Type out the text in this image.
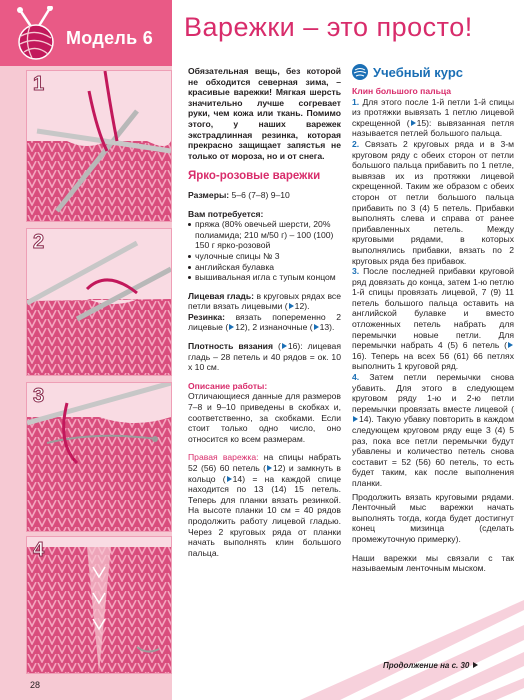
Модель 6
1
2
3
4
28
Варежки – это просто!

Обязательная вещь, без которой не обходится северная зима, – красивые варежки! Мягкая шерсть значительно лучше согревает руки, чем кожа или ткань. Помимо этого, у наших варежек экстрадлинная резинка, которая прекрасно защищает запястья не только от мороза, но и от снега.

Ярко-розовые варежки

Размеры: 5–6 (7–8) 9–10

Вам потребуется:

пряжа (80% овечьей шерсти, 20% полиамида; 210 м/50 г) – 100 (100) 150 г ярко-розовой
чулочные спицы № 3
английская булавка
вышивальная игла с тупым концом

Лицевая гладь: в круговых рядах все петли вязать лицевыми ( 12).

Резинка: вязать попеременно 2 лицевые ( 12), 2 изнаночные ( 13).

Плотность вязания ( 16): лицевая гладь – 28 петель и 40 рядов = ок. 10 x 10 см.

Описание работы:

Отличающиеся данные для размеров 7–8 и 9–10 приведены в скобках и, соответственно, за скобками. Если стоит только одно число, оно относится ко всем размерам.

Правая варежка: на спицы набрать 52 (56) 60 петель ( 12) и замкнуть в кольцо ( 14) = на каждой спице находится по 13 (14) 15 петель. Теперь для планки вязать резинкой. На высоте планки 10 см = 40 рядов продолжить работу лицевой гладью. Через 2 круговых ряда от планки начать выполнять клин большого пальца.

Учебный курс

Клин большого пальца

1. Для этого после 1-й петли 1-й спицы из протяжки вывязать 1 петлю лицевой скрещенной ( 15): вывязанная петля называется петлей большого пальца.

2. Связать 2 круговых ряда и в 3-м круговом ряду с обеих сторон от петли большого пальца прибавить по 1 петле, вывязав их из протяжки лицевой скрещенной. Таким же образом с обеих сторон от петли большого пальца прибавить по 3 (4) 5 петель. Прибавки выполнять слева и справа от ранее прибавленных петель. Между круговыми рядами, в которых выполнялись прибавки, вязать по 2 круговых ряда без прибавок.

3. После последней прибавки круговой ряд довязать до конца, затем 1-ю петлю 1-й спицы провязать лицевой, 7 (9) 11 петель большого пальца оставить на английской булавке и вместо отложенных петель набрать для перемычки новые петли. Для перемычки набрать 4 (5) 6 петель (16). Теперь на всех 56 (61) 66 петлях выполнить 1 круговой ряд.

4. Затем петли перемычки снова убавить. Для этого в следующем круговом ряду 1-ю и 2-ю петли перемычки провязать вместе лицевой (14). Такую убавку повторить в каждом следующем круговом ряду еще 3 (4) 5 раз, пока все петли перемычки будут убавлены и количество петель снова составит = 52 (56) 60 петель, то есть будет таким, как после выполнения планки.

Продолжить вязать круговыми рядами. Ленточный мыс варежки начать выполнять тогда, когда будет достигнут конец мизинца (сделать промежуточную примерку).

Наши варежки мы связали с так называемым ленточным мыском.

Продолжение на с. 30
